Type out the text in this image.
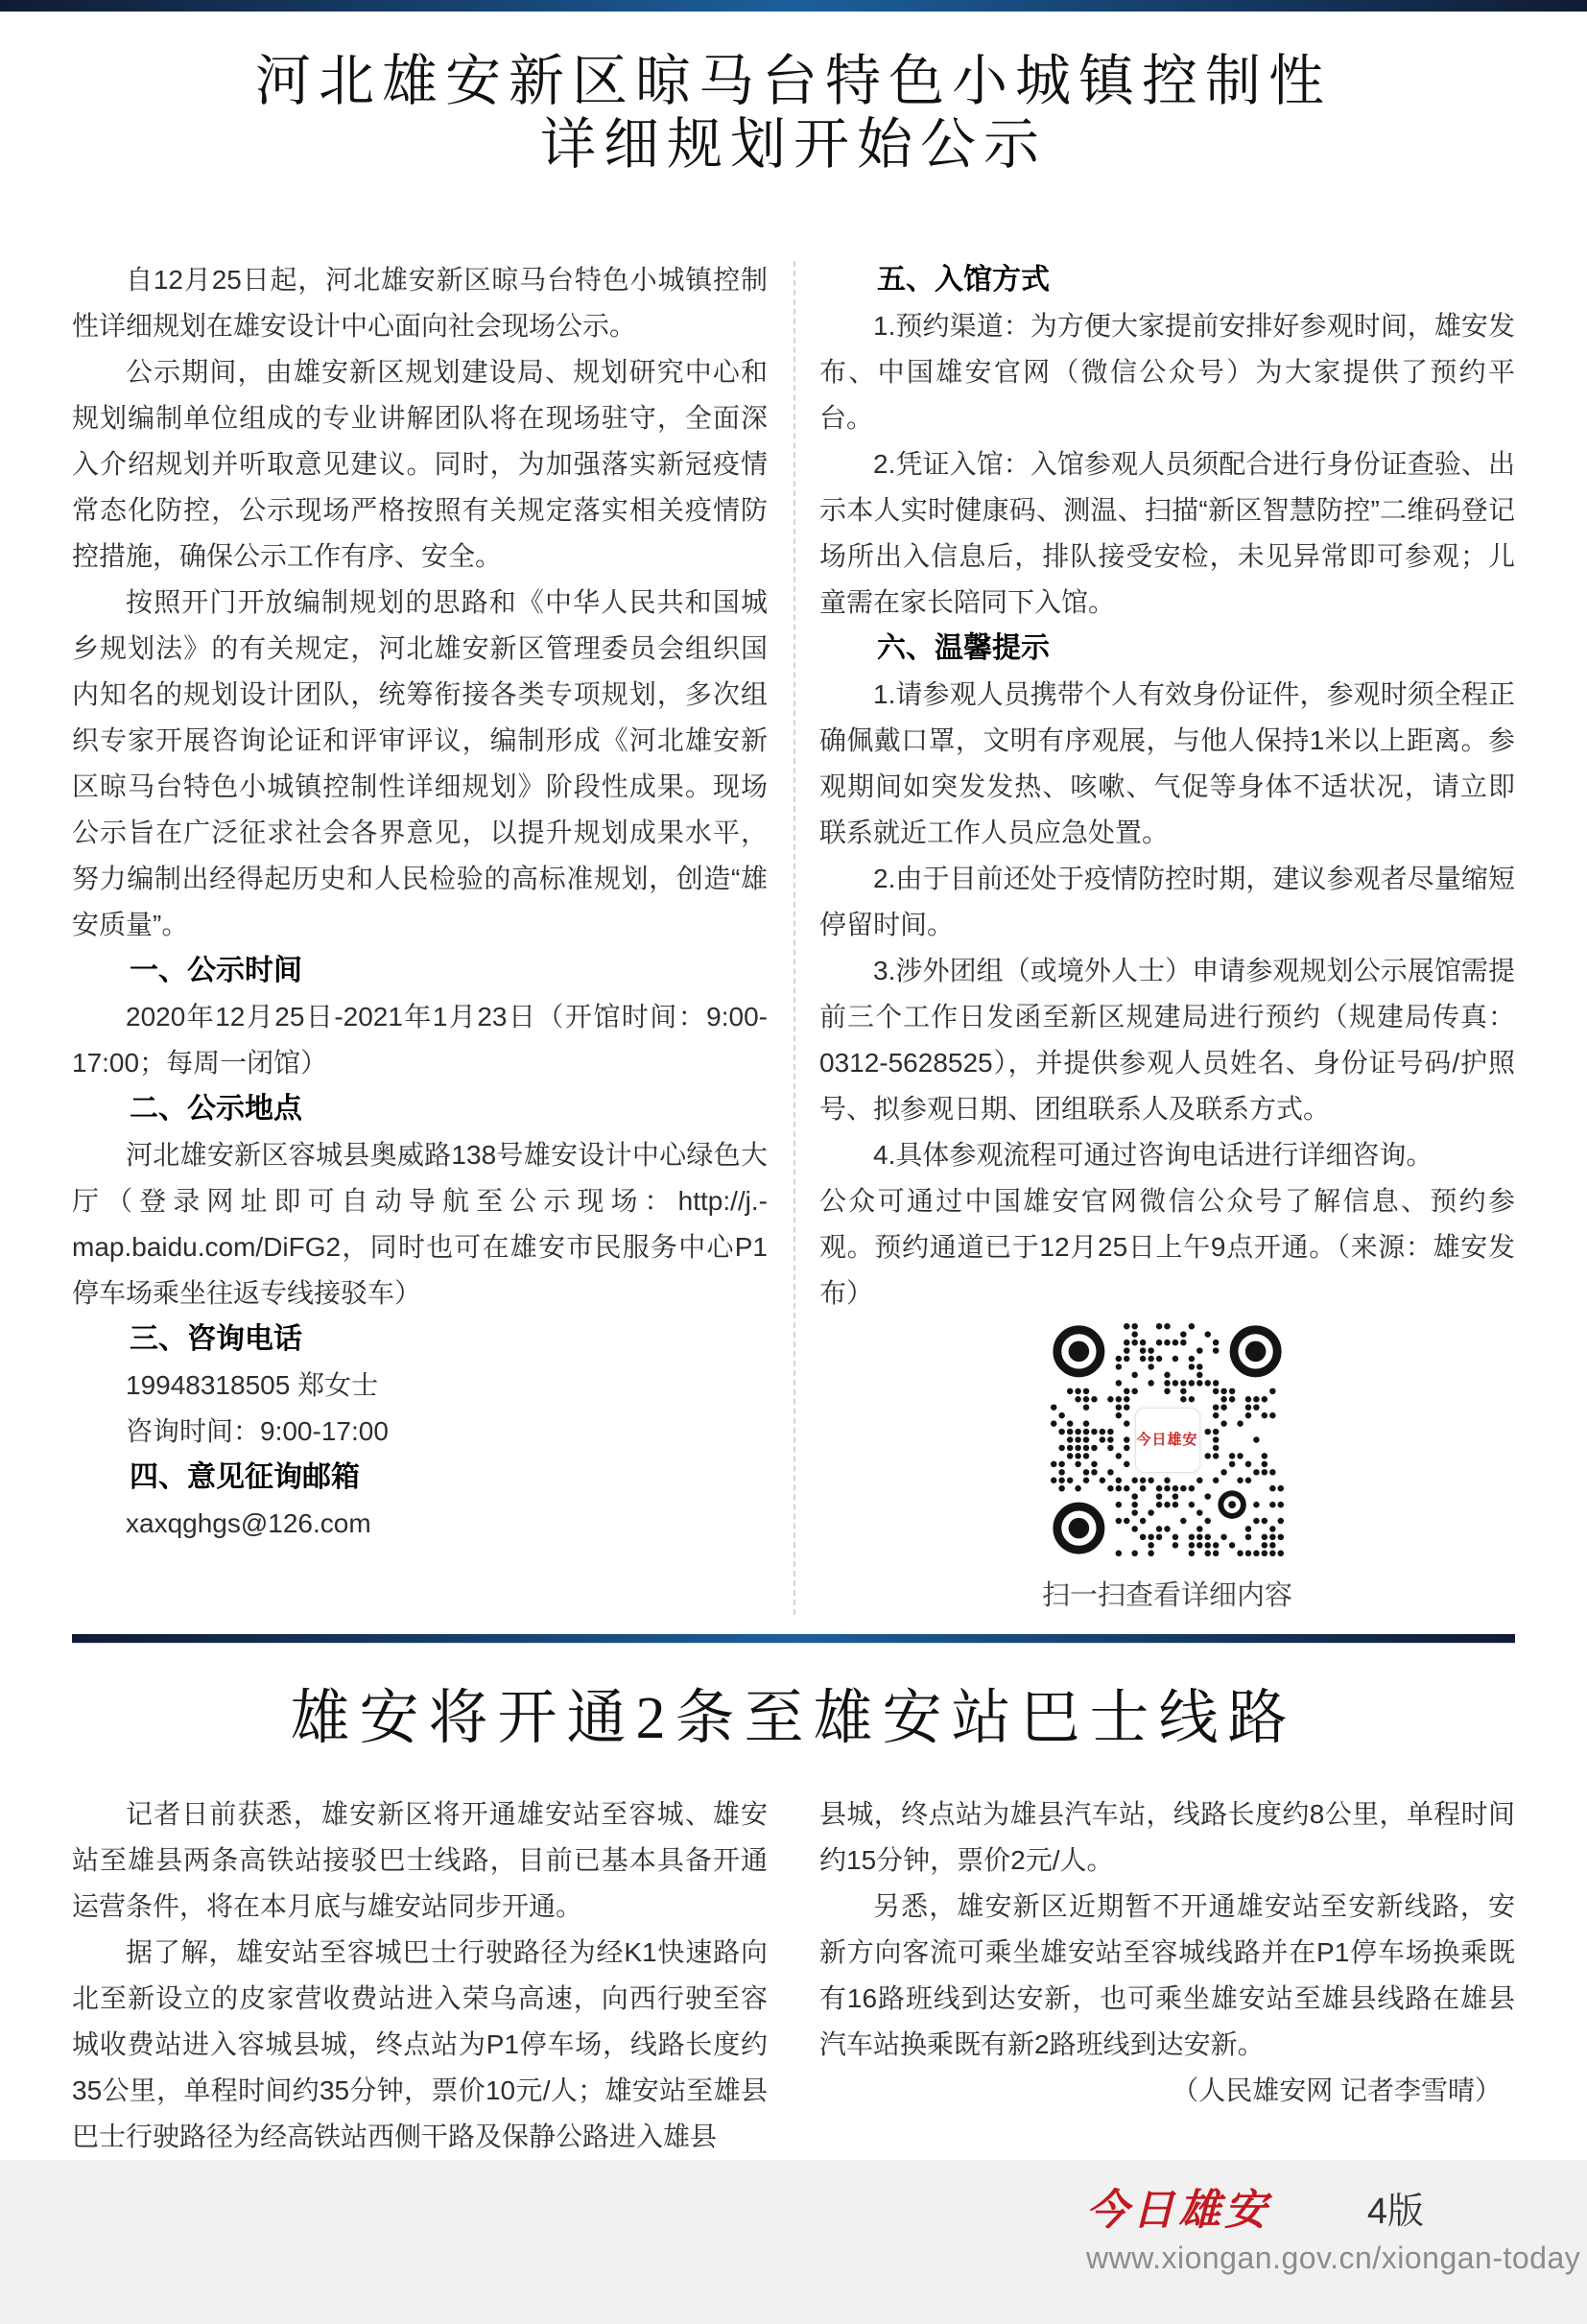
河北雄安新区晾马台特色小城镇控制性
详细规划开始公示
自12月25日起，河北雄安新区晾马台特色小城镇控制性详细规划在雄安设计中心面向社会现场公示。
公示期间，由雄安新区规划建设局、规划研究中心和规划编制单位组成的专业讲解团队将在现场驻守，全面深入介绍规划并听取意见建议。同时，为加强落实新冠疫情常态化防控，公示现场严格按照有关规定落实相关疫情防控措施，确保公示工作有序、安全。
按照开门开放编制规划的思路和《中华人民共和国城乡规划法》的有关规定，河北雄安新区管理委员会组织国内知名的规划设计团队，统筹衔接各类专项规划，多次组织专家开展咨询论证和评审评议，编制形成《河北雄安新区晾马台特色小城镇控制性详细规划》阶段性成果。现场公示旨在广泛征求社会各界意见，以提升规划成果水平，努力编制出经得起历史和人民检验的高标准规划，创造“雄安质量”。
一、公示时间
2020年12月25日-2021年1月23日（开馆时间：9:00-17:00；每周一闭馆）
二、公示地点
河北雄安新区容城县奥威路138号雄安设计中心绿色大厅（登录网址即可自动导航至公示现场：http://j.-map.baidu.com/DiFG2，同时也可在雄安市民服务中心P1停车场乘坐往返专线接驳车）
三、咨询电话
19948318505 郑女士
咨询时间：9:00-17:00
四、意见征询邮箱
xaxqghgs@126.com
五、入馆方式
1.预约渠道：为方便大家提前安排好参观时间，雄安发布、中国雄安官网（微信公众号）为大家提供了预约平台。
2.凭证入馆：入馆参观人员须配合进行身份证查验、出示本人实时健康码、测温、扫描“新区智慧防控”二维码登记场所出入信息后，排队接受安检，未见异常即可参观；儿童需在家长陪同下入馆。
六、温馨提示
1.请参观人员携带个人有效身份证件，参观时须全程正确佩戴口罩，文明有序观展，与他人保持1米以上距离。参观期间如突发发热、咳嗽、气促等身体不适状况，请立即联系就近工作人员应急处置。
2.由于目前还处于疫情防控时期，建议参观者尽量缩短停留时间。
3.涉外团组（或境外人士）申请参观规划公示展馆需提前三个工作日发函至新区规建局进行预约（规建局传真：0312-5628525），并提供参观人员姓名、身份证号码/护照号、拟参观日期、团组联系人及联系方式。
4.具体参观流程可通过咨询电话进行详细咨询。
公众可通过中国雄安官网微信公众号了解信息、预约参观。预约通道已于12月25日上午9点开通。（来源：雄安发布）
今日雄安
扫一扫查看详细内容
雄安将开通2条至雄安站巴士线路
记者日前获悉，雄安新区将开通雄安站至容城、雄安站至雄县两条高铁站接驳巴士线路，目前已基本具备开通运营条件，将在本月底与雄安站同步开通。
据了解，雄安站至容城巴士行驶路径为经K1快速路向北至新设立的皮家营收费站进入荣乌高速，向西行驶至容城收费站进入容城县城，终点站为P1停车场，线路长度约35公里，单程时间约35分钟，票价10元/人；雄安站至雄县巴士行驶路径为经高铁站西侧干路及保静公路进入雄县
县城，终点站为雄县汽车站，线路长度约8公里，单程时间约15分钟，票价2元/人。
另悉，雄安新区近期暂不开通雄安站至安新线路，安新方向客流可乘坐雄安站至容城线路并在P1停车场换乘既有16路班线到达安新，也可乘坐雄安站至雄县线路在雄县汽车站换乘既有新2路班线到达安新。
（人民雄安网 记者李雪晴）
今日雄安	4版
www.xiongan.gov.cn/xiongan-today
